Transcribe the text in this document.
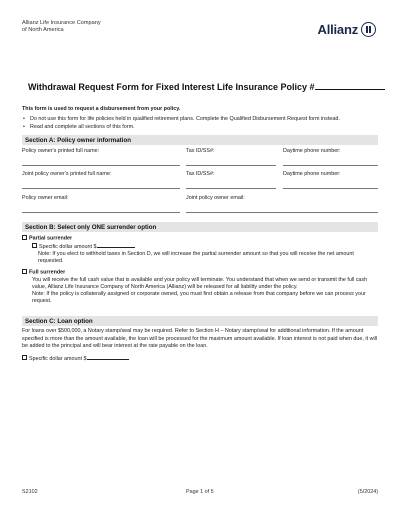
Allianz Life Insurance Company
of North America	Allianz
Withdrawal Request Form for Fixed Interest Life Insurance Policy #
This form is used to request a disbursement from your policy.
• Do not use this form for life policies held in qualified retirement plans. Complete the Qualified Disbursement Request form instead.
• Read and complete all sections of this form.
Section A: Policy owner information
Policy owner's printed full name:	Tax ID/SS#:	Daytime phone number:
Joint policy owner's printed full name:	Tax ID/SS#:	Daytime phone number:
Policy owner email:	Joint policy owner email:
Section B: Select only ONE surrender option
Partial surrender
Specific dollar amount $
Note: If you elect to withhold taxes in Section D, we will increase the partial surrender amount so that you will receive the net amount requested.
Full surrender
You will receive the full cash value that is available and your policy will terminate. You understand that when we send or transmit the full cash value, Allianz Life Insurance Company of North America (Allianz) will be released for all liability under the policy.
Note: If the policy is collaterally assigned or corporate owned, you must first obtain a release from that company before we can process your request.
Section C: Loan option
For loans over $500,000, a Notary stamp/seal may be required. Refer to Section H – Notary stamp/seal for additional information. If the amount specified is more than the amount available, the loan will be processed for the maximum amount available. If loan interest is not paid when due, it will be added to the principal and will bear interest at the rate payable on the loan.
Specific dollar amount $
S2102	Page 1 of 5	(5/2024)
